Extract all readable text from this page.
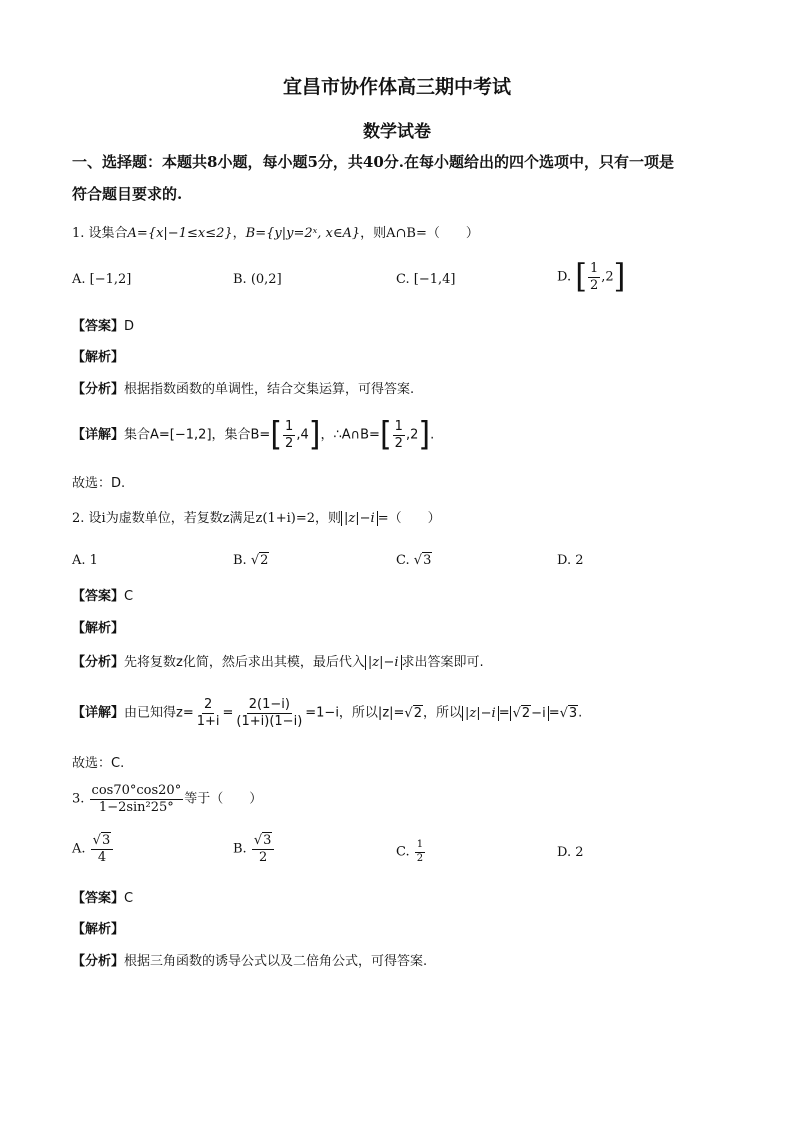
宜昌市协作体高三期中考试
数学试卷
一、选择题：本题共8小题，每小题5分，共40分.在每小题给出的四个选项中，只有一项是
符合题目要求的.
1. 设集合A={x|−1≤x≤2}，B={y|y=2ˣ, x∈A}，则A∩B=（　　）
A. [−1,2]	B. (0,2]	C. [−1,4]	D. [ $\frac{1}{2} ,2$]
【答案】D
【解析】
【分析】根据指数函数的单调性，结合交集运算，可得答案.
【详解】集合A=[−1,2]，集合$B=[ \frac{1}{2} ,4]$，∴A∩B=[ $\frac{1}{2} ,2$].
故选：D.
2. 设i为虚数单位，若复数z满足z(1+i)=2，则 |z|−i =（　　）
A. 1	B. √2	C. √3	D. 2
【答案】C
【解析】
【分析】先将复数z化简，然后求出其模，最后代入 |z|−i 求出答案即可.
【详解】由已知得$z= \frac{2}{1+i} = \frac{2(1-i)}{(1+i)(1-i)} =1-i$，所以|z|=√2，所以 |z|−i = √2−i =√3.
故选：C.
3. $\frac{\cos 70^\circ\cos 20^\circ}{\text{1−2sin²25°}}$ 等于（　　）
A. $\frac{√3}{4}$	B. $\frac{√3}{2}$	C. $\frac{1}{2}$	D. 2
【答案】C
【解析】
【分析】根据三角函数的诱导公式以及二倍角公式，可得答案.
